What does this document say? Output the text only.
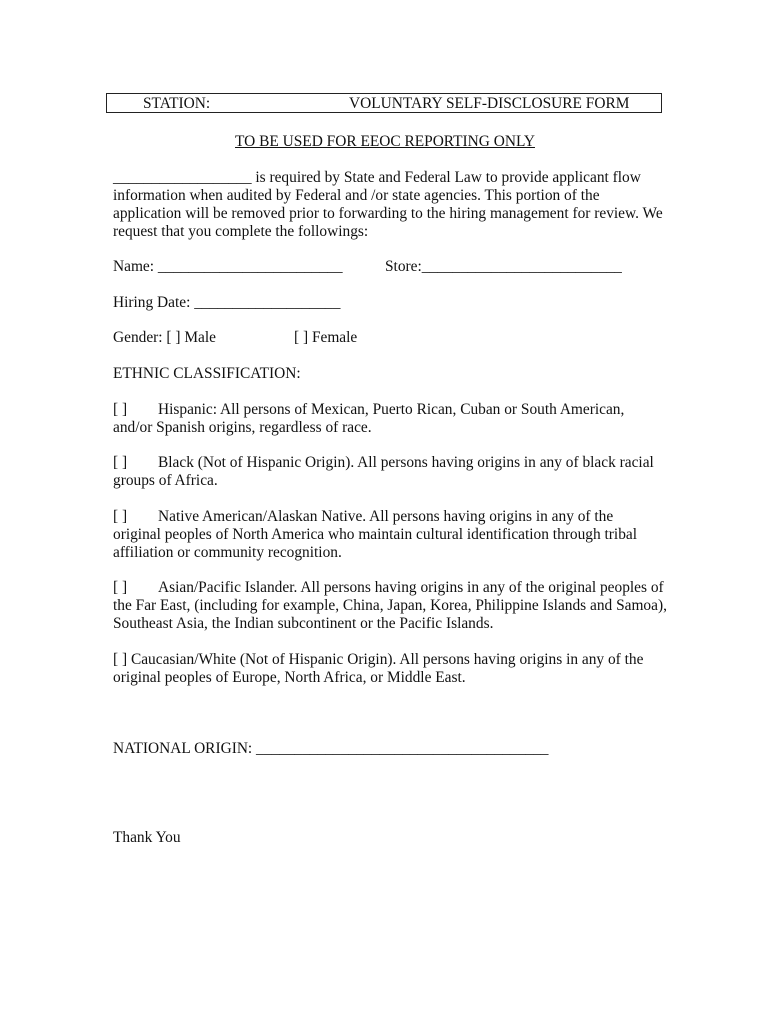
STATION:	VOLUNTARY SELF-DISCLOSURE FORM
TO BE USED FOR EEOC REPORTING ONLY
__________________ is required by State and Federal Law to provide applicant flow
information when audited by Federal and /or state agencies. This portion of the
application will be removed prior to forwarding to the hiring management for review. We
request that you complete the followings:
Name: ________________________	Store:__________________________
Hiring Date: ___________________
Gender: [ ] Male	[ ] Female
ETHNIC CLASSIFICATION:
[ ] Hispanic: All persons of Mexican, Puerto Rican, Cuban or South American,
and/or Spanish origins, regardless of race.
[ ] Black (Not of Hispanic Origin). All persons having origins in any of black racial
groups of Africa.
[ ] Native American/Alaskan Native. All persons having origins in any of the
original peoples of North America who maintain cultural identification through tribal
affiliation or community recognition.
[ ] Asian/Pacific Islander. All persons having origins in any of the original peoples of
the Far East, (including for example, China, Japan, Korea, Philippine Islands and Samoa),
Southeast Asia, the Indian subcontinent or the Pacific Islands.
[ ] Caucasian/White (Not of Hispanic Origin). All persons having origins in any of the
original peoples of Europe, North Africa, or Middle East.
NATIONAL ORIGIN: ______________________________________
Thank You
